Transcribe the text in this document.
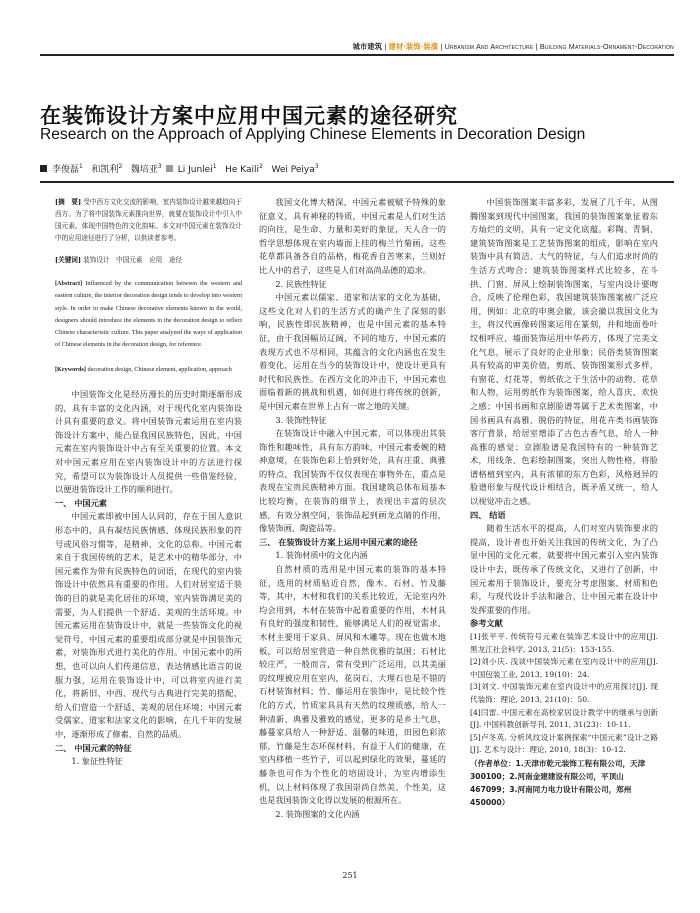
城市建筑 | 建材·装饰·装潢 | Urbanism And Architecture | Building Materials-Ornament-Decoration
在装饰设计方案中应用中国元素的途径研究
Research on the Approach of Applying Chinese Elements in Decoration Design
李俊磊$^1$ 和凯利$^2$ 魏培亚$^3$ Li Junlei$^1$ He Kaili$^2$ Wei Peiya$^3$

[摘　要] 受中西方文化交流的影响，室内装饰设计越来越趋向于西方。为了将中国装饰元素推向世界，就要在装饰设计中引入中国元素。体现中国特色的文化韵味。本文对中国元素在装饰设计中的应用途径进行了分析，以供读者参考。

[关键词] 装饰设计　中国元素　应用　途径

[Abstract] Influenced by the communication between the western and eastern culture, the interior decoration design tends to develop into western style. In order to make Chinese decorative elements known in the world, designers should introduce the elements in the decoration design to reflect Chinese characteristic culture. This paper analyzed the ways of application of Chinese elements in the decoration design, for reference.

[Keywords] decoration design, Chinese element, application, approach

中国装饰文化是经历漫长的历史时期逐渐形成的，具有丰富的文化内涵，对于现代化室内装饰设计具有重要的意义。将中国装饰元素运用在室内装饰设计方案中，能凸显我国民族特色，因此，中国元素在室内装饰设计中占有至关重要的位置。本文对中国元素应用在室内装饰设计中的方法进行探究，希望可以为装饰设计人员提供一些借鉴经验，以便进装饰设计工作的顺利进行。

一、 中国元素

中国元素即被中国人认同的，存在于国人意识形态中的，具有凝结民族情感、体现民族形象的符号或风俗习惯等，是精神、文化的总称。中国元素来自于我国传统的艺术，是艺术中的精华部分，中国元素作为带有民族特色的词语，在现代的室内装饰设计中依然具有重要的作用。人们对居室适于装饰的目的就是美化居住的环境，室内装饰满足美的需要，为人们提供一个舒适、美观的生活环境。中国元素运用在装饰设计中，就是一些装饰文化的视觉符号，中国元素的重要组成部分就是中国装饰元素，对装饰形式进行美化的作用。中国元素中的所想，也可以向人们传递信息，表达情感比语言的说服力强，运用在装饰设计中，可以将室内进行美化，将新旧、中西、现代与古典进行完美的搭配，给人们营造一个舒适、美观的居住环境；中国元素受儒家、道家和法家文化的影响，在几千年的发展中，逐渐形成了修素、自然的品质。

二、 中国元素的特征

1. 象征性特征

我国文化博大精深，中国元素被赋予特殊的象征意义，具有神秘的特质，中国元素是人们对生活的向往，是生命、力量和美好的象征，天人合一的哲学思想体现在室内墙面上挂的梅兰竹菊画，这些花草都具备各自的品格，梅花香自苦寒来，兰则好比人中的君子，这些是人们对高尚品德的追求。

2. 民族性特征

中国元素以儒家、道家和法家的文化为基础，这些文化对人们的生活方式的确产生了深刻的影响，民族性即民族精神，也是中国元素的基本特征，由于我国幅员辽阔，不同的地方，中国元素的表现方式也不尽相同，其蕴含的文化内涵也在发生着变化，运用在当今的装饰设计中，使设计更具有时代和民族性。在西方文化的冲击下，中国元素也面临着新的挑战和机遇，如何进行将传统的创新，是中国元素在世界上占有一席之地的关键。

3. 装饰性特征

在装饰设计中融入中国元素，可以体现出其装饰性和趣味性，具有东方韵味，中国元素委婉的精神意境，在装饰色彩上恰到好处，具有庄重、典雅的特点，我国装饰不仅仅表现在事物外在，重点是表现在宝贵民族精神方面。我国建筑总体布局基本比较均衡，在装饰的细节上，表现出丰富的层次感，有效分割空间，装饰品起到画龙点睛的作用，像装饰画、陶瓷品等。

三、 在装饰设计方案上运用中国元素的途径

1. 装饰材质中的文化内涵

自然材质的选用是中国元素的装饰的基本特征，选用的材质贴近自然，像木、石材、竹及藤等，其中，木材和我们的关系比较近，无论室内外均会用到，木材在装饰中起着重要的作用，木材具有良好的强度和韧性，能够满足人们的视觉需求，木材主要用于家具、屏风和木雕等。现在也做木地板，可以给居室营造一种自然优雅的氛围；石材比较庄严，一般而言，常有受到广泛运用，以其美丽的纹理被应用在室内，花岗石、大理石也是不错的石材装饰材料；竹、藤运用在装饰中，是比较个性化的方式，竹质家具具有天然的纹理质感，给人一种清新、典雅及雅致的感觉，更多的是乡土气息，藤蔓家具给人一种舒适、温馨的味道，田园色彩浓郁，竹藤是生态环保材料，有益于人们的健康，在室内移植一些竹子，可以起到绿化的效果，蔓延的藤条也可作为个性化的培固设计，为室内增添生机，以上材料体现了我国崇尚自然美、个性美，这也是我国装饰文化得以发展的根源所在。

2. 装饰图案的文化内涵

中国装饰图案丰富多彩，发展了几千年，从图腾图案到现代中国图案，我国的装饰图案象征着东方灿烂的文明，具有一定文化底蕴。彩陶、青铜、建筑装饰图案是工艺装饰图案的组成，影响在室内装饰中具有简洁、大气的特征，与人们追求时尚的生活方式吻合；建筑装饰图案样式比较多，在斗拱、门窗、屏风上绘制装饰图案，与室内设计要吻合，反映了伦理色彩，我国建筑装饰图案被广泛应用，例如：北京的申奥会徽，该会徽以我国文化为主，将汉代画像砖图案运用在篆刻，并和地面卷叶纹相呼应，墙面装饰运用中华药方，体现了完美文化气息，展示了良好的企业形象；民俗类装饰图案具有较高的审美价值，剪纸、装饰图案形式多样，有窗花、灯花等，剪纸依之于生活中的动物、花草和人物，运用剪纸作为装饰图案，给人喜庆、欢快之感；中国书画和京剧脸谱等属于艺术类图案，中国书画具有高雅、脱俗的特征，用花卉类书画装饰客厅背景，给居室增添了古色古香气息，给人一种高雅的感觉；京剧脸谱是我国特有的一种装饰艺术，用线条、色彩绘制图案，突出人物性格，将脸谱格植到室内，具有浓郁的东方色彩，风格迥异的脸谱形象与现代设计相结合，既矛盾又统一，给人以视觉冲击之感。

四、 结语

随着生活水平的提高，人们对室内装饰要求的提高，设计者也开始关注我国的传统文化，为了凸显中国的文化元素，就要将中国元素引入室内装饰设计中去，既传承了传统文化，又进行了创新，中国元素用于装饰设计，要充分考虑图案、材质和色彩，与现代设计手法和融合，让中国元素在设计中发挥重要的作用。

参考文献

[1]张平平. 传统符号元素在装饰艺术设计中的应用[J]. 黑龙江社会科学, 2013, 21(5)：153-155.

[2]刘小庆. 浅谈中国装饰元素在室内设计中的应用[J]. 中国包装工业, 2013, 19(10)：24.

[3]刘文. 中国装饰元素在室内设计中的应用探讨[J]. 现代装饰：理论, 2013, 21(10)：50.

[4]闫雷. 中国元素在高校家居设计教学中的继承与创新[J]. 中国科教创新导刊, 2011, 31(23)：10-11.

[5]卢冬英. 分析风纹设计案例探索“中国元素”设计之路[J]. 艺术与设计：理论, 2010, 18(3)：10-12.

（作者单位：1.天津市乾元装饰工程有限公司，天津 300100；2.河南金建建设有限公司，平顶山 467099；3.河南同力电力设计有限公司，郑州 450000）

251
